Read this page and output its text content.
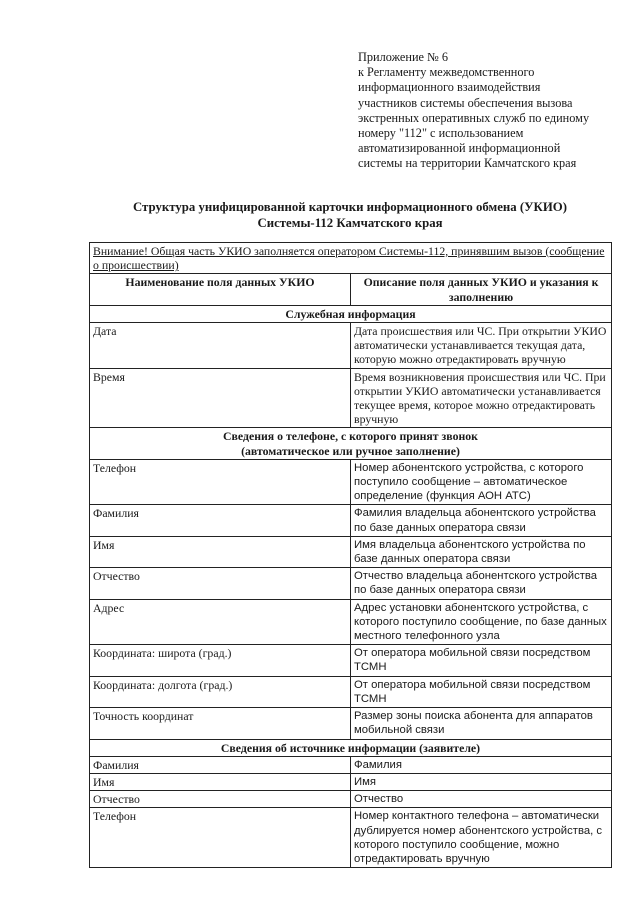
Приложение № 6
к Регламенту межведомственного
информационного взаимодействия
участников системы обеспечения вызова
экстренных оперативных служб по единому
номеру "112" с использованием
автоматизированной информационной
системы на территории Камчатского края
Структура унифицированной карточки информационного обмена (УКИО)
Системы-112 Камчатского края
Внимание! Общая часть УКИО заполняется оператором Системы-112, принявшим вызов (сообщение о происшествии)	
Наименование поля данных УКИО	Описание поля данных УКИО и указания к заполнению
Служебная информация	
Дата	Дата происшествия или ЧС. При открытии УКИО автоматически устанавливается текущая дата, которую можно отредактировать вручную
Время	Время возникновения происшествия или ЧС. При открытии УКИО автоматически устанавливается текущее время, которое можно отредактировать вручную

Сведения о телефоне, с которого принят звонок
(автоматическое или ручное заполнение)	

Телефон	Номер абонентского устройства, с которого поступило сообщение – автоматическое определение (функция АОН АТС)
Фамилия	Фамилия владельца абонентского устройства по базе данных оператора связи
Имя	Имя владельца абонентского устройства по базе данных оператора связи
Отчество	Отчество владельца абонентского устройства по базе данных оператора связи
Адрес	Адрес установки абонентского устройства, с которого поступило сообщение, по базе данных местного телефонного узла
Координата: широта (град.)	От оператора мобильной связи посредством ТСМН
Координата: долгота (град.)	От оператора мобильной связи посредством ТСМН
Точность координат	Размер зоны поиска абонента для аппаратов мобильной связи
Сведения об источнике информации (заявителе)	
Фамилия	Фамилия
Имя	Имя
Отчество	Отчество
Телефон	Номер контактного телефона – автоматически дублируется номер абонентского устройства, с которого поступило сообщение, можно отредактировать вручную
